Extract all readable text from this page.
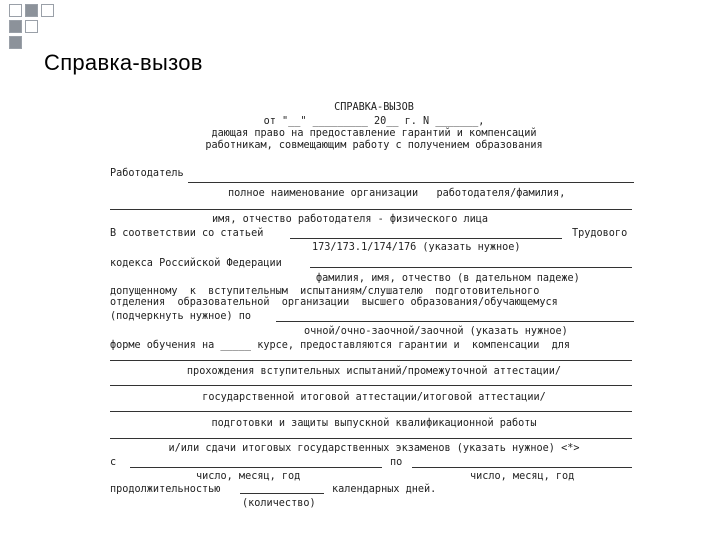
Справка-вызов
СПРАВКА-ВЫЗОВ
от "__" _________ 20__ г. N _______,
дающая право на предоставление гарантий и компенсаций
работникам, совмещающим работу с получением образования
Работодатель
полное наименование организации   работодателя/фамилия,
имя, отчество работодателя - физического лица
В соответствии со статьей	Трудового
173/173.1/174/176 (указать нужное)
кодекса Российской Федерации
фамилия, имя, отчество (в дательном падеже)
допущенному  к  вступительным  испытаниям/слушателю  подготовительного
отделения  образовательной  организации  высшего образования/обучающемуся
(подчеркнуть нужное) по
очной/очно-заочной/заочной (указать нужное)
форме обучения на _____ курсе, предоставляются гарантии и  компенсации  для
прохождения вступительных испытаний/промежуточной аттестации/
государственной итоговой аттестации/итоговой аттестации/
подготовки и защиты выпускной квалификационной работы
и/или сдачи итоговых государственных экзаменов (указать нужное) <*>
с	по
число, месяц, год	число, месяц, год
продолжительностью	календарных дней.
(количество)
